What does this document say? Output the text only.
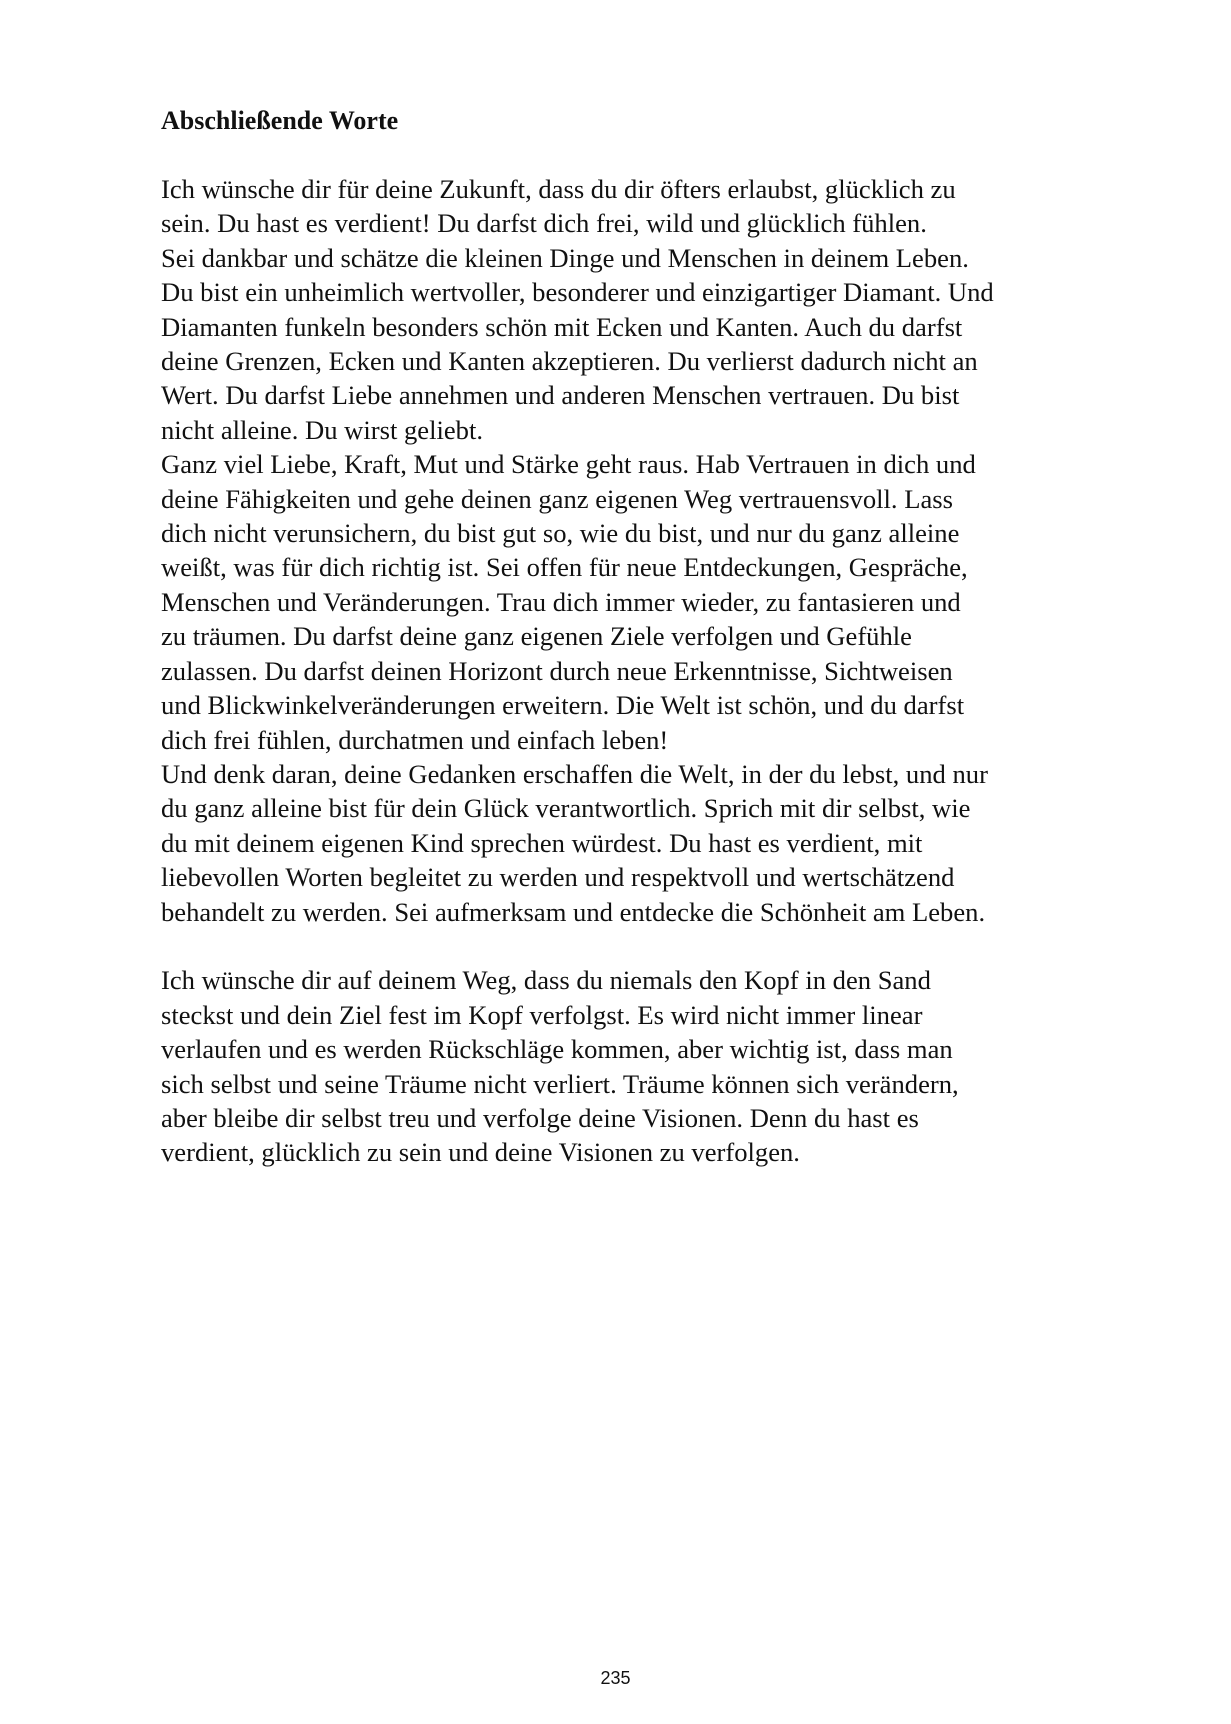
Abschließende Worte
Ich wünsche dir für deine Zukunft, dass du dir öfters erlaubst, glücklich zu
sein. Du hast es verdient! Du darfst dich frei, wild und glücklich fühlen.
Sei dankbar und schätze die kleinen Dinge und Menschen in deinem Leben.
Du bist ein unheimlich wertvoller, besonderer und einzigartiger Diamant. Und
Diamanten funkeln besonders schön mit Ecken und Kanten. Auch du darfst
deine Grenzen, Ecken und Kanten akzeptieren. Du verlierst dadurch nicht an
Wert. Du darfst Liebe annehmen und anderen Menschen vertrauen. Du bist
nicht alleine. Du wirst geliebt.
Ganz viel Liebe, Kraft, Mut und Stärke geht raus. Hab Vertrauen in dich und
deine Fähigkeiten und gehe deinen ganz eigenen Weg vertrauensvoll. Lass
dich nicht verunsichern, du bist gut so, wie du bist, und nur du ganz alleine
weißt, was für dich richtig ist. Sei offen für neue Entdeckungen, Gespräche,
Menschen und Veränderungen. Trau dich immer wieder, zu fantasieren und
zu träumen. Du darfst deine ganz eigenen Ziele verfolgen und Gefühle
zulassen. Du darfst deinen Horizont durch neue Erkenntnisse, Sichtweisen
und Blickwinkelveränderungen erweitern. Die Welt ist schön, und du darfst
dich frei fühlen, durchatmen und einfach leben!
Und denk daran, deine Gedanken erschaffen die Welt, in der du lebst, und nur
du ganz alleine bist für dein Glück verantwortlich. Sprich mit dir selbst, wie
du mit deinem eigenen Kind sprechen würdest. Du hast es verdient, mit
liebevollen Worten begleitet zu werden und respektvoll und wertschätzend
behandelt zu werden. Sei aufmerksam und entdecke die Schönheit am Leben.
Ich wünsche dir auf deinem Weg, dass du niemals den Kopf in den Sand
steckst und dein Ziel fest im Kopf verfolgst. Es wird nicht immer linear
verlaufen und es werden Rückschläge kommen, aber wichtig ist, dass man
sich selbst und seine Träume nicht verliert. Träume können sich verändern,
aber bleibe dir selbst treu und verfolge deine Visionen. Denn du hast es
verdient, glücklich zu sein und deine Visionen zu verfolgen.
235
